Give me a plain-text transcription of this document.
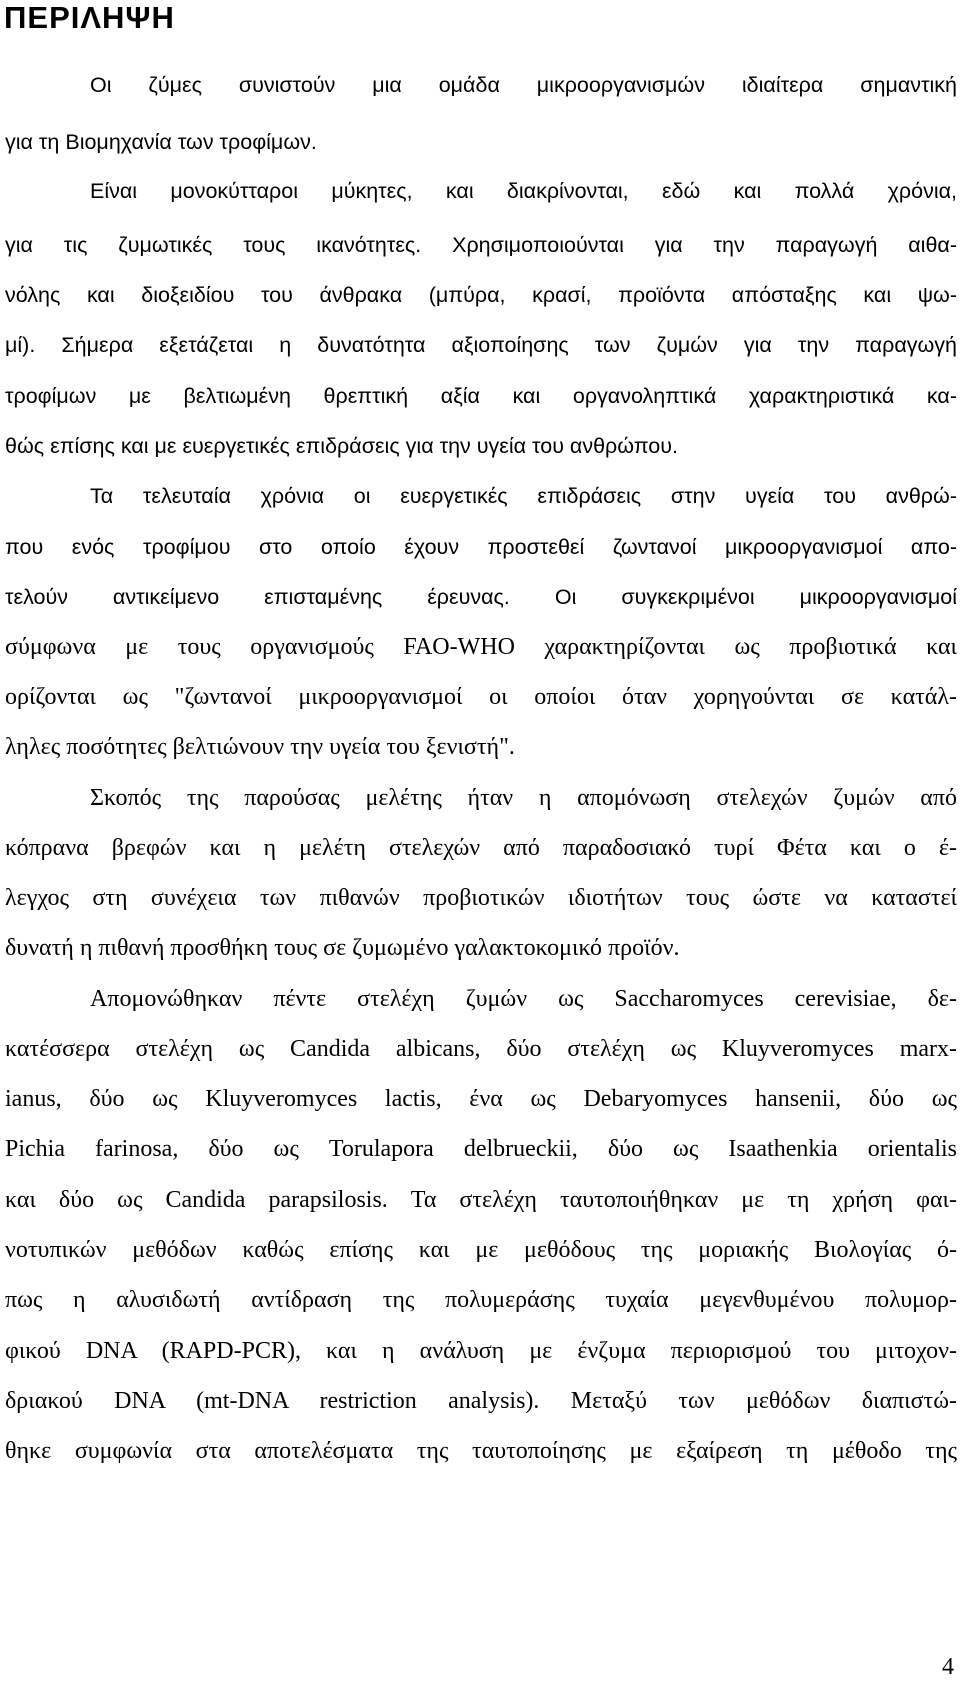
ΠΕΡΙΛΗΨΗ
Οι ζύμες συνιστούν μια ομάδα μικροοργανισμών ιδιαίτερα σημαντική
για τη Βιομηχανία των τροφίμων.
Είναι μονοκύτταροι μύκητες, και διακρίνονται, εδώ και πολλά χρόνια,
για τις ζυμωτικές τους ικανότητες. Χρησιμοποιούνται για την παραγωγή αιθα-
νόλης και διοξειδίου του άνθρακα (μπύρα, κρασί, προϊόντα απόσταξης και ψω-
μί). Σήμερα εξετάζεται η δυνατότητα αξιοποίησης των ζυμών για την παραγωγή
τροφίμων με βελτιωμένη θρεπτική αξία και οργανοληπτικά χαρακτηριστικά κα-
θώς επίσης και με ευεργετικές επιδράσεις για την υγεία του ανθρώπου.
Τα τελευταία χρόνια οι ευεργετικές επιδράσεις στην υγεία του ανθρώ-
που ενός τροφίμου στο οποίο έχουν προστεθεί ζωντανοί μικροοργανισμοί απο-
τελούν αντικείμενο επισταμένης έρευνας. Οι συγκεκριμένοι μικροοργανισμοί
σύμφωνα με τους οργανισμούς FAO-WHO χαρακτηρίζονται ως προβιοτικά και
ορίζονται ως "ζωντανοί μικροοργανισμοί οι οποίοι όταν χορηγούνται σε κατάλ-
ληλες ποσότητες βελτιώνουν την υγεία του ξενιστή".
Σκοπός της παρούσας μελέτης ήταν η απομόνωση στελεχών ζυμών από
κόπρανα βρεφών και η μελέτη στελεχών από παραδοσιακό τυρί Φέτα και ο έ-
λεγχος στη συνέχεια των πιθανών προβιοτικών ιδιοτήτων τους ώστε να καταστεί
δυνατή η πιθανή προσθήκη τους σε ζυμωμένο γαλακτοκομικό προϊόν.
Απομονώθηκαν πέντε στελέχη ζυμών ως Saccharomyces cerevisiae, δε-
κατέσσερα στελέχη ως Candida albicans, δύο στελέχη ως Kluyveromyces marx-
ianus, δύο ως Kluyveromyces lactis, ένα ως Debaryomyces hansenii, δύο ως
Pichia farinosa, δύο ως Torulapora delbrueckii, δύο ως Isaathenkia orientalis
και δύο ως Candida parapsilosis. Τα στελέχη ταυτοποιήθηκαν με τη χρήση φαι-
νοτυπικών μεθόδων καθώς επίσης και με μεθόδους της μοριακής Βιολογίας ό-
πως η αλυσιδωτή αντίδραση της πολυμεράσης τυχαία μεγενθυμένου πολυμορ-
φικού DNA (RAPD-PCR), και η ανάλυση με ένζυμα περιορισμού του μιτοχον-
δριακού DNA (mt-DNA restriction analysis). Μεταξύ των μεθόδων διαπιστώ-
θηκε συμφωνία στα αποτελέσματα της ταυτοποίησης με εξαίρεση τη μέθοδο της
4
